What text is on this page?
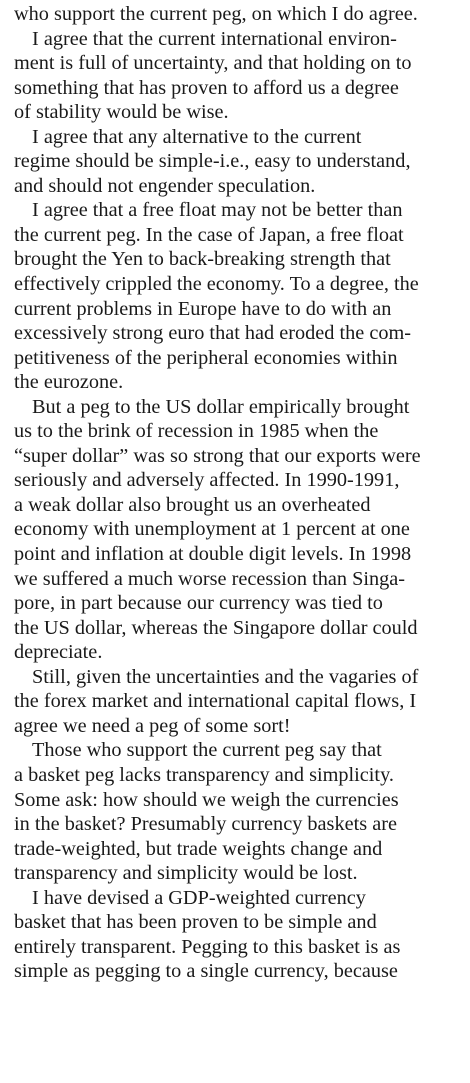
who support the current peg, on which I do agree.
I agree that the current international environ-
ment is full of uncertainty, and that holding on to
something that has proven to afford us a degree
of stability would be wise.
I agree that any alternative to the current
regime should be simple-i.e., easy to understand,
and should not engender speculation.
I agree that a free float may not be better than
the current peg. In the case of Japan, a free float
brought the Yen to back-breaking strength that
effectively crippled the economy. To a degree, the
current problems in Europe have to do with an
excessively strong euro that had eroded the com-
petitiveness of the peripheral economies within
the eurozone.
But a peg to the US dollar empirically brought
us to the brink of recession in 1985 when the
“super dollar” was so strong that our exports were
seriously and adversely affected. In 1990-1991,
a weak dollar also brought us an overheated
economy with unemployment at 1 percent at one
point and inflation at double digit levels. In 1998
we suffered a much worse recession than Singa-
pore, in part because our currency was tied to
the US dollar, whereas the Singapore dollar could
depreciate.
Still, given the uncertainties and the vagaries of
the forex market and international capital flows, I
agree we need a peg of some sort!
Those who support the current peg say that
a basket peg lacks transparency and simplicity.
Some ask: how should we weigh the currencies
in the basket? Presumably currency baskets are
trade-weighted, but trade weights change and
transparency and simplicity would be lost.
I have devised a GDP-weighted currency
basket that has been proven to be simple and
entirely transparent. Pegging to this basket is as
simple as pegging to a single currency, because
